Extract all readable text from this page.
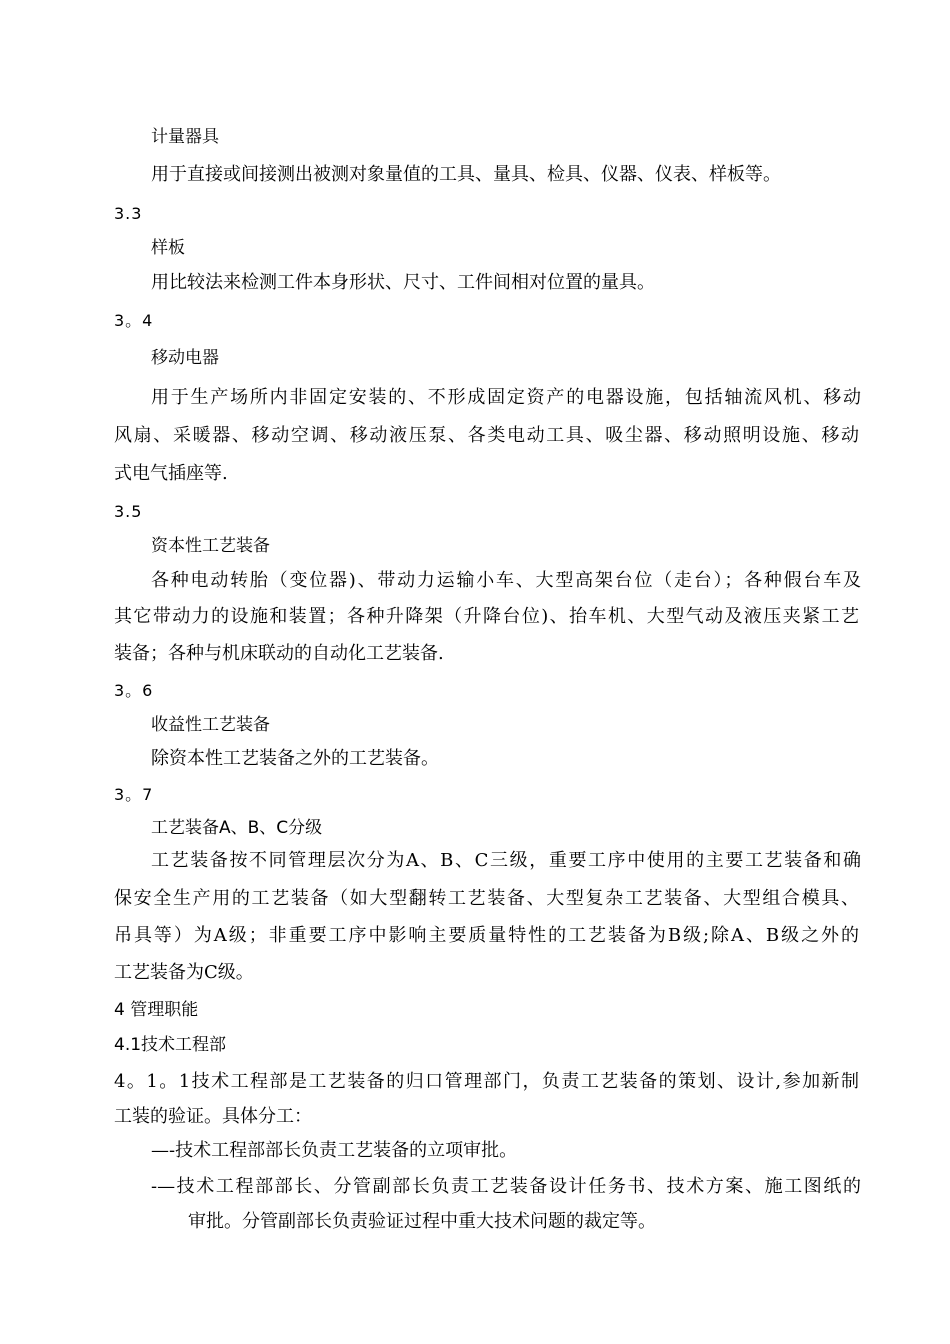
计量器具
用于直接或间接测出被测对象量值的工具、量具、检具、仪器、仪表、样板等。
3.3
样板
用比较法来检测工件本身形状、尺寸、工件间相对位置的量具。
3。4
移动电器
用于生产场所内非固定安装的、不形成固定资产的电器设施，包括轴流风机、移动
风扇、采暖器、移动空调、移动液压泵、各类电动工具、吸尘器、移动照明设施、移动
式电气插座等.
3.5
资本性工艺装备
各种电动转胎（变位器)、带动力运输小车、大型高架台位（走台）；各种假台车及
其它带动力的设施和装置；各种升降架（升降台位)、抬车机、大型气动及液压夹紧工艺
装备；各种与机床联动的自动化工艺装备.
3。6
收益性工艺装备
除资本性工艺装备之外的工艺装备。
3。7
工艺装备A、B、C分级
工艺装备按不同管理层次分为A、B、C三级，重要工序中使用的主要工艺装备和确
保安全生产用的工艺装备（如大型翻转工艺装备、大型复杂工艺装备、大型组合模具、
吊具等）为A级；非重要工序中影响主要质量特性的工艺装备为B级;除A、B级之外的
工艺装备为C级。
4 管理职能
4.1技术工程部
4。1。1技术工程部是工艺装备的归口管理部门，负责工艺装备的策划、设计,参加新制
工装的验证。具体分工：
—-技术工程部部长负责工艺装备的立项审批。
-—技术工程部部长、分管副部长负责工艺装备设计任务书、技术方案、施工图纸的
审批。分管副部长负责验证过程中重大技术问题的裁定等。
